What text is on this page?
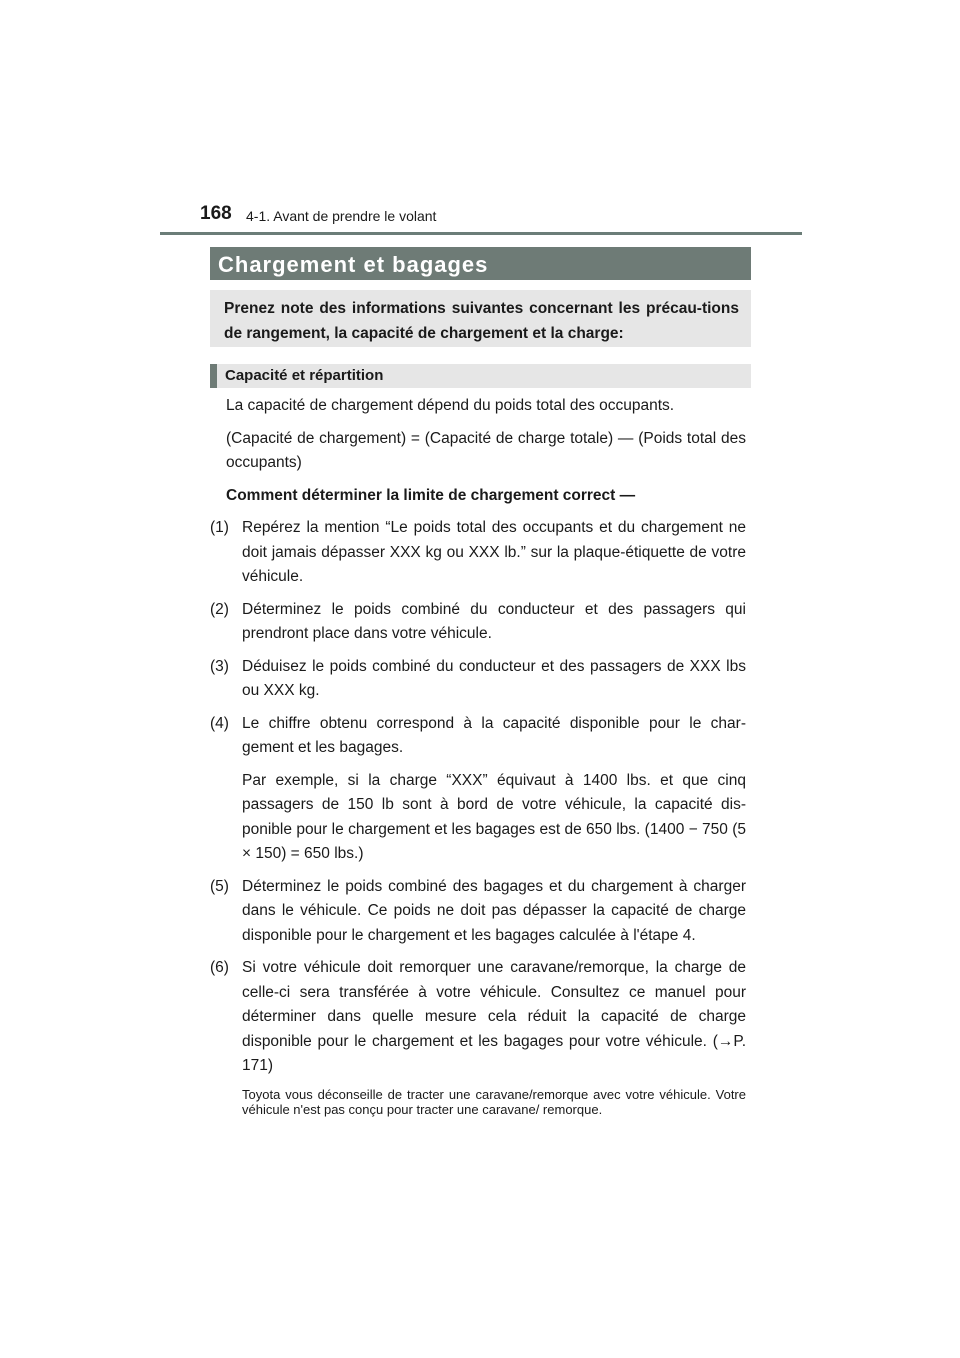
168 4-1. Avant de prendre le volant
Chargement et bagages
Prenez note des informations suivantes concernant les précau-tions de rangement, la capacité de chargement et la charge:
Capacité et répartition

La capacité de chargement dépend du poids total des occupants.

(Capacité de chargement) = (Capacité de charge totale) — (Poids total des occupants)

Comment déterminer la limite de chargement correct —

(1) Repérez la mention “Le poids total des occupants et du chargement ne doit jamais dépasser XXX kg ou XXX lb.” sur la plaque-étiquette de votre véhicule.
(2) Déterminez le poids combiné du conducteur et des passagers qui prendront place dans votre véhicule.
(3) Déduisez le poids combiné du conducteur et des passagers de XXX lbs ou XXX kg.
(4) Le chiffre obtenu correspond à la capacité disponible pour le char-gement et les bagages.

Par exemple, si la charge “XXX” équivaut à 1400 lbs. et que cinq passagers de 150 lb sont à bord de votre véhicule, la capacité dis-ponible pour le chargement et les bagages est de 650 lbs. (1400 − 750 (5 × 150) = 650 lbs.)

(5) Déterminez le poids combiné des bagages et du chargement à charger dans le véhicule. Ce poids ne doit pas dépasser la capacité de charge disponible pour le chargement et les bagages calculée à l'étape 4.
(6) Si votre véhicule doit remorquer une caravane/remorque, la charge de celle-ci sera transférée à votre véhicule. Consultez ce manuel pour déterminer dans quelle mesure cela réduit la capacité de charge disponible pour le chargement et les bagages pour votre véhicule. (→P. 171)

Toyota vous déconseille de tracter une caravane/remorque avec votre véhicule. Votre véhicule n'est pas conçu pour tracter une caravane/ remorque.
